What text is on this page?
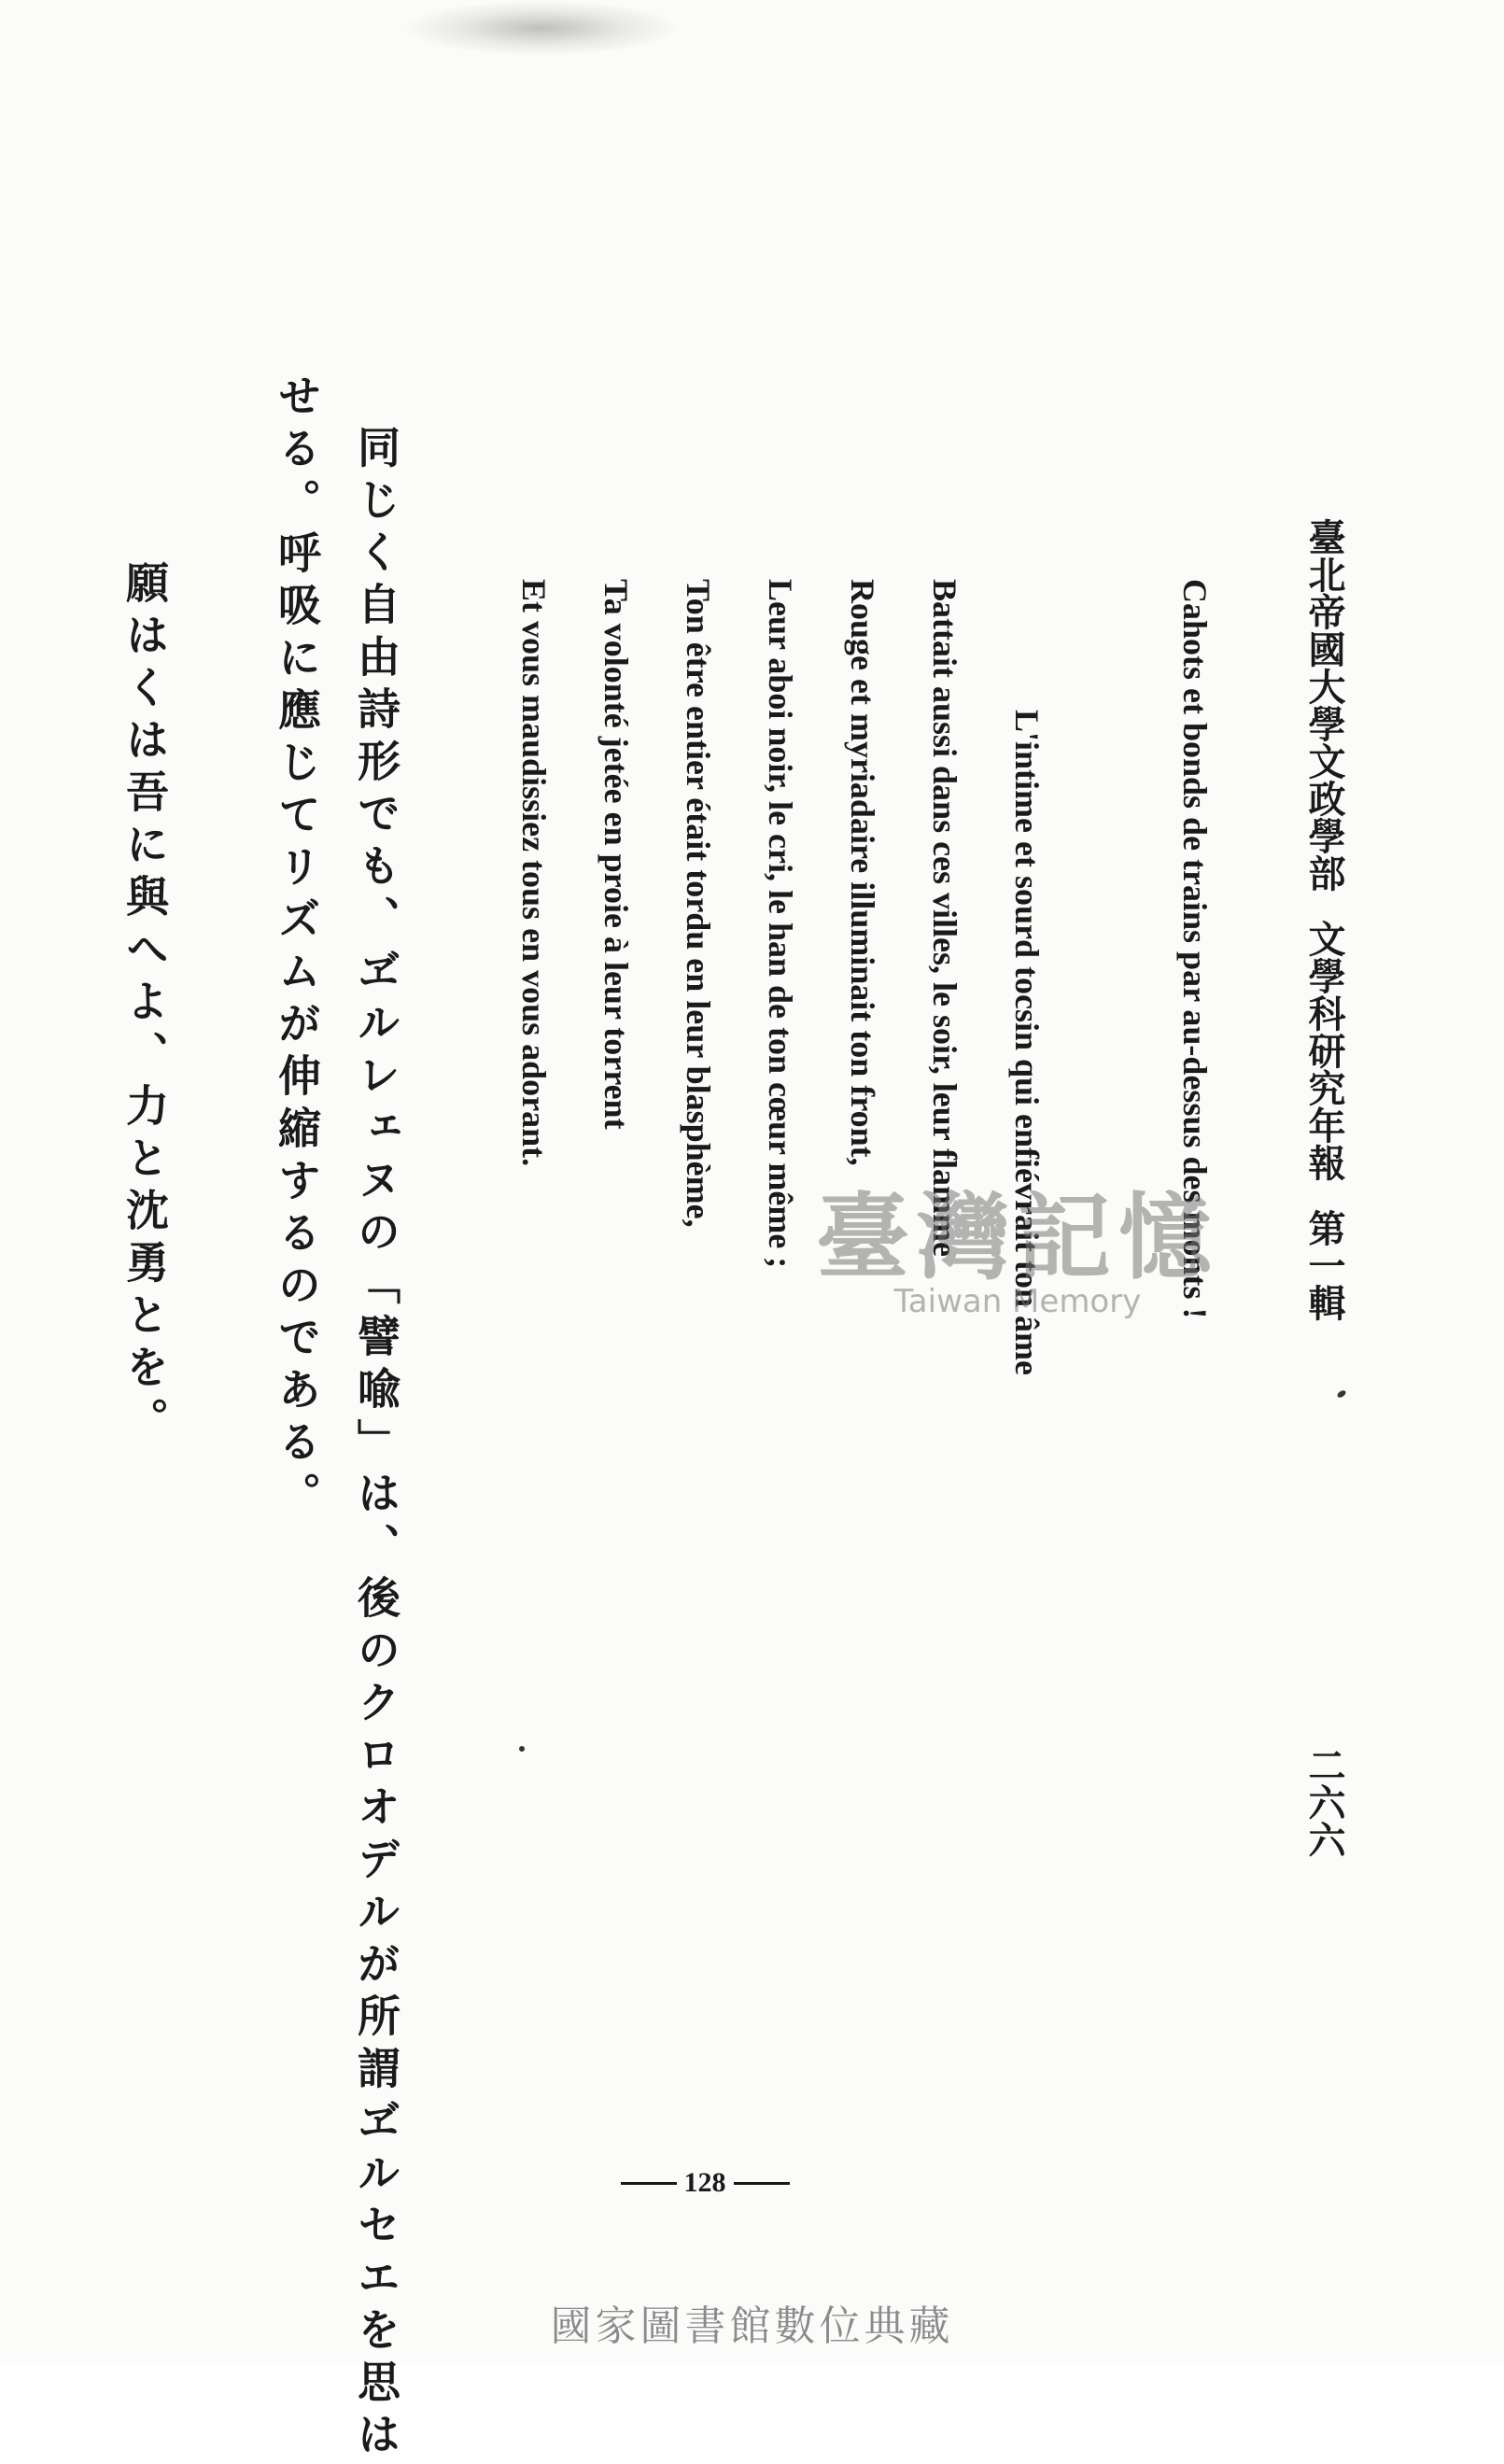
臺北帝國大學文政學部文學科研究年報第一輯
二六六
Cahots et bonds de trains par au-dessus des monts !
L'intime et sourd tocsin qui enfiévrait ton âme
Battait aussi dans ces villes, le soir, leur flamme
Rouge et myriadaire illuminait ton front,
Leur aboi noir, le cri, le han de ton cœur même ;
Ton être entier était tordu en leur blasphème,
Ta volonté jetée en proie à leur torrent
Et vous maudissiez tous en vous adorant.
同じく自由詩形でも、ヹルレェヌの「譬喩」は、後のクロオデルが所謂ヹルセエを思は
せる。呼吸に應じてリズムが伸縮するのである。
願はくは吾に與へよ、力と沈勇とを。	臺灣記憶
Taiwan Memory
128
國家圖書館數位典藏
